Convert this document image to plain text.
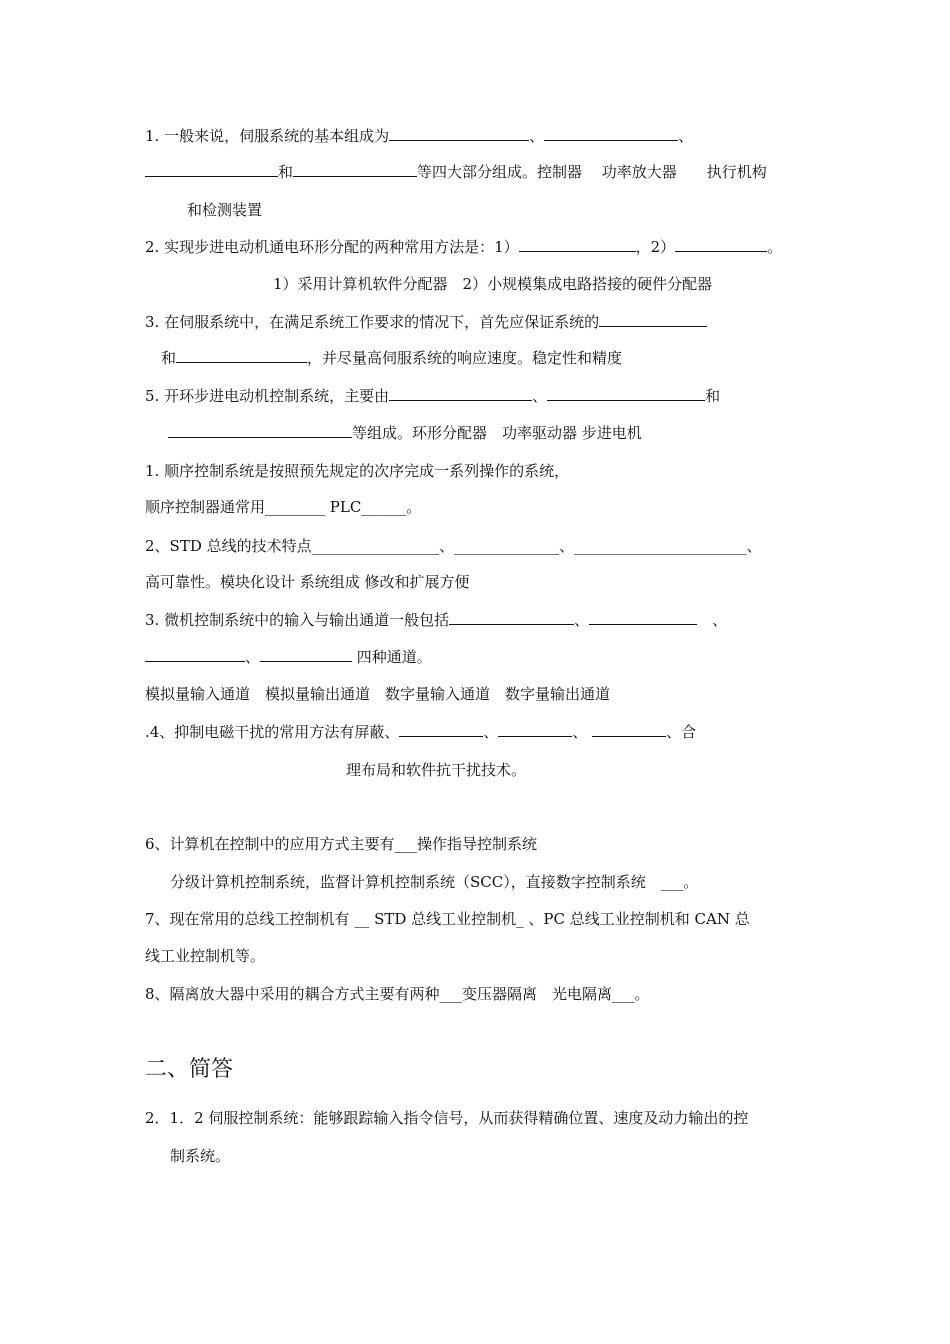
1. 一般来说，伺服系统的基本组成为	、	、
和	等四大部分组成。控制器　 功率放大器　　执行机构
和检测装置
2. 实现步进电动机通电环形分配的两种常用方法是：1）	，2）	。
1）采用计算机软件分配器　2）小规模集成电路搭接的硬件分配器
3. 在伺服系统中，在满足系统工作要求的情况下，首先应保证系统的
和	，并尽量高伺服系统的响应速度。稳定性和精度
5. 开环步进电动机控制系统，主要由	、	和
等组成。环形分配器　功率驱动器 步进电机
1. 顺序控制系统是按照预先规定的次序完成一系列操作的系统，
顺序控制器通常用________ PLC______。
2、STD 总线的技术特点_________________、______________、_______________________、
高可靠性。模块化设计 系统组成 修改和扩展方便
3. 微机控制系统中的输入与输出通道一般包括	、	　、
、	四种通道。
模拟量输入通道　模拟量输出通道　数字量输入通道　数字量输出通道
.4、抑制电磁干扰的常用方法有屏蔽、	、	、	、合
理布局和软件抗干扰技术。
6、计算机在控制中的应用方式主要有___操作指导控制系统
分级计算机控制系统，监督计算机控制系统（SCC），直接数字控制系统　___。
7、现在常用的总线工控制机有 __ STD 总线工业控制机_ 、PC 总线工业控制机和 CAN 总
线工业控制机等。
8、隔离放大器中采用的耦合方式主要有两种___变压器隔离　光电隔离___。
二、简答
2．1．2 伺服控制系统：能够跟踪输入指令信号，从而获得精确位置、速度及动力输出的控
制系统。
